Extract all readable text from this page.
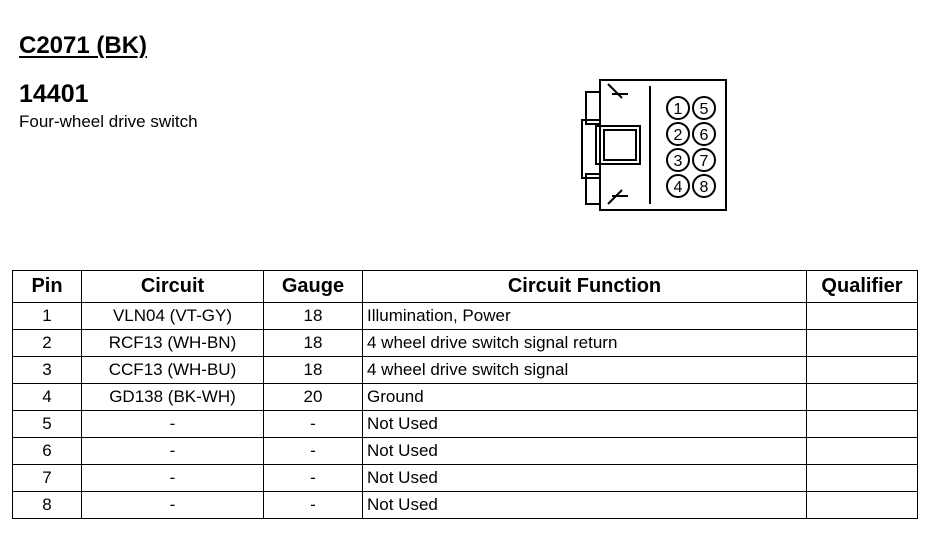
C2071 (BK)
14401
Four-wheel drive switch
1
2
3
4
5
6
7
8
Pin	Circuit	Gauge	Circuit Function	Qualifier
1	VLN04 (VT-GY)	18	Illumination, Power	
2	RCF13 (WH-BN)	18	4 wheel drive switch signal return	
3	CCF13 (WH-BU)	18	4 wheel drive switch signal	
4	GD138 (BK-WH)	20	Ground	
5	-	-	Not Used	
6	-	-	Not Used	
7	-	-	Not Used	
8	-	-	Not Used	
